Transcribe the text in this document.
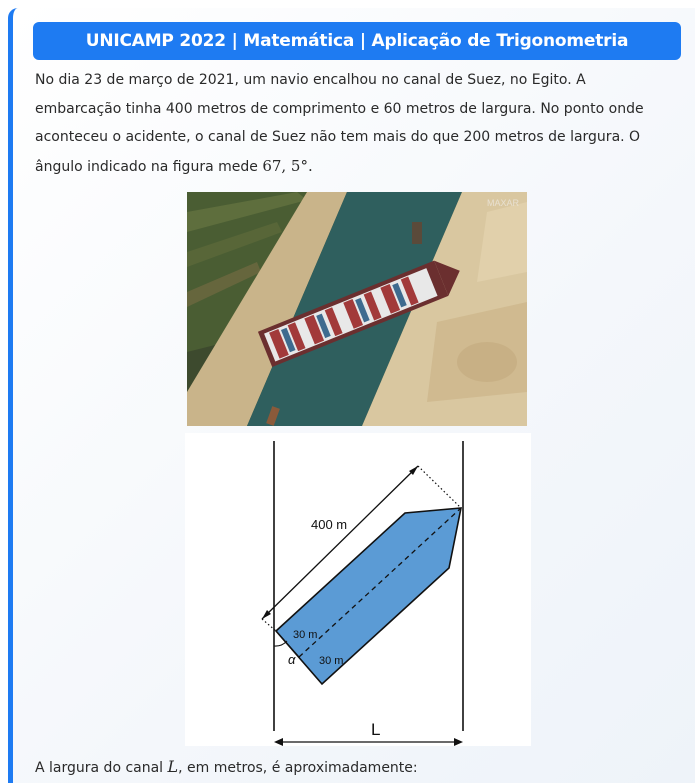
UNICAMP 2022 | Matemática | Aplicação de Trigonometria
No dia 23 de março de 2021, um navio encalhou no canal de Suez, no Egito. A embarcação tinha 400 metros de comprimento e 60 metros de largura. No ponto onde aconteceu o acidente, o canal de Suez não tem mais do que 200 metros de largura. O ângulo indicado na figura mede 67, 5°.
MAXAR
400 m
30 m
30 m
α
L
A largura do canal L, em metros, é aproximadamente:
